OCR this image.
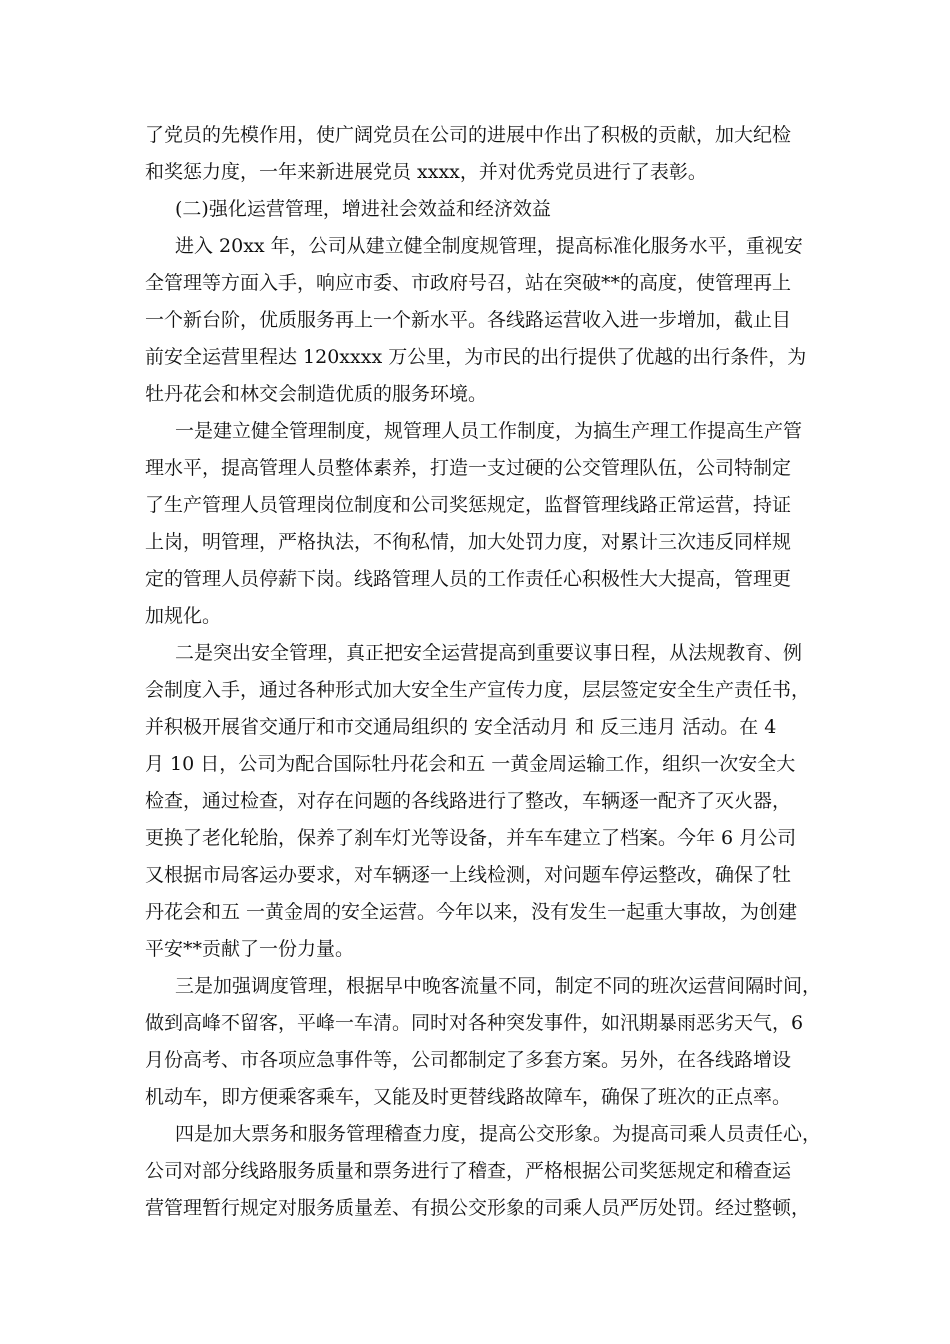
了党员的先模作用，使广阔党员在公司的进展中作出了积极的贡献，加大纪检
和奖惩力度，一年来新进展党员 xxxx，并对优秀党员进行了表彰。
(二)强化运营管理，增进社会效益和经济效益
进入 20xx 年，公司从建立健全制度规管理，提高标准化服务水平，重视安
全管理等方面入手，响应市委、市政府号召，站在突破**的高度，使管理再上
一个新台阶，优质服务再上一个新水平。各线路运营收入进一步增加，截止目
前安全运营里程达 120xxxx 万公里，为市民的出行提供了优越的出行条件，为
牡丹花会和林交会制造优质的服务环境。
一是建立健全管理制度，规管理人员工作制度，为搞生产理工作提高生产管
理水平，提高管理人员整体素养，打造一支过硬的公交管理队伍，公司特制定
了生产管理人员管理岗位制度和公司奖惩规定，监督管理线路正常运营，持证
上岗，明管理，严格执法，不徇私情，加大处罚力度，对累计三次违反同样规
定的管理人员停薪下岗。线路管理人员的工作责任心积极性大大提高，管理更
加规化。
二是突出安全管理，真正把安全运营提高到重要议事日程，从法规教育、例
会制度入手，通过各种形式加大安全生产宣传力度，层层签定安全生产责任书，
并积极开展省交通厅和市交通局组织的 安全活动月 和 反三违月 活动。在 4
月 10 日，公司为配合国际牡丹花会和五 一黄金周运输工作，组织一次安全大
检查，通过检查，对存在问题的各线路进行了整改，车辆逐一配齐了灭火器，
更换了老化轮胎，保养了刹车灯光等设备，并车车建立了档案。今年 6 月公司
又根据市局客运办要求，对车辆逐一上线检测，对问题车停运整改，确保了牡
丹花会和五 一黄金周的安全运营。今年以来，没有发生一起重大事故，为创建
平安**贡献了一份力量。
三是加强调度管理，根据早中晚客流量不同，制定不同的班次运营间隔时间，
做到高峰不留客，平峰一车清。同时对各种突发事件，如汛期暴雨恶劣天气，6
月份高考、市各项应急事件等，公司都制定了多套方案。另外，在各线路增设
机动车，即方便乘客乘车，又能及时更替线路故障车，确保了班次的正点率。
四是加大票务和服务管理稽查力度，提高公交形象。为提高司乘人员责任心，
公司对部分线路服务质量和票务进行了稽查，严格根据公司奖惩规定和稽查运
营管理暂行规定对服务质量差、有损公交形象的司乘人员严厉处罚。经过整顿，
